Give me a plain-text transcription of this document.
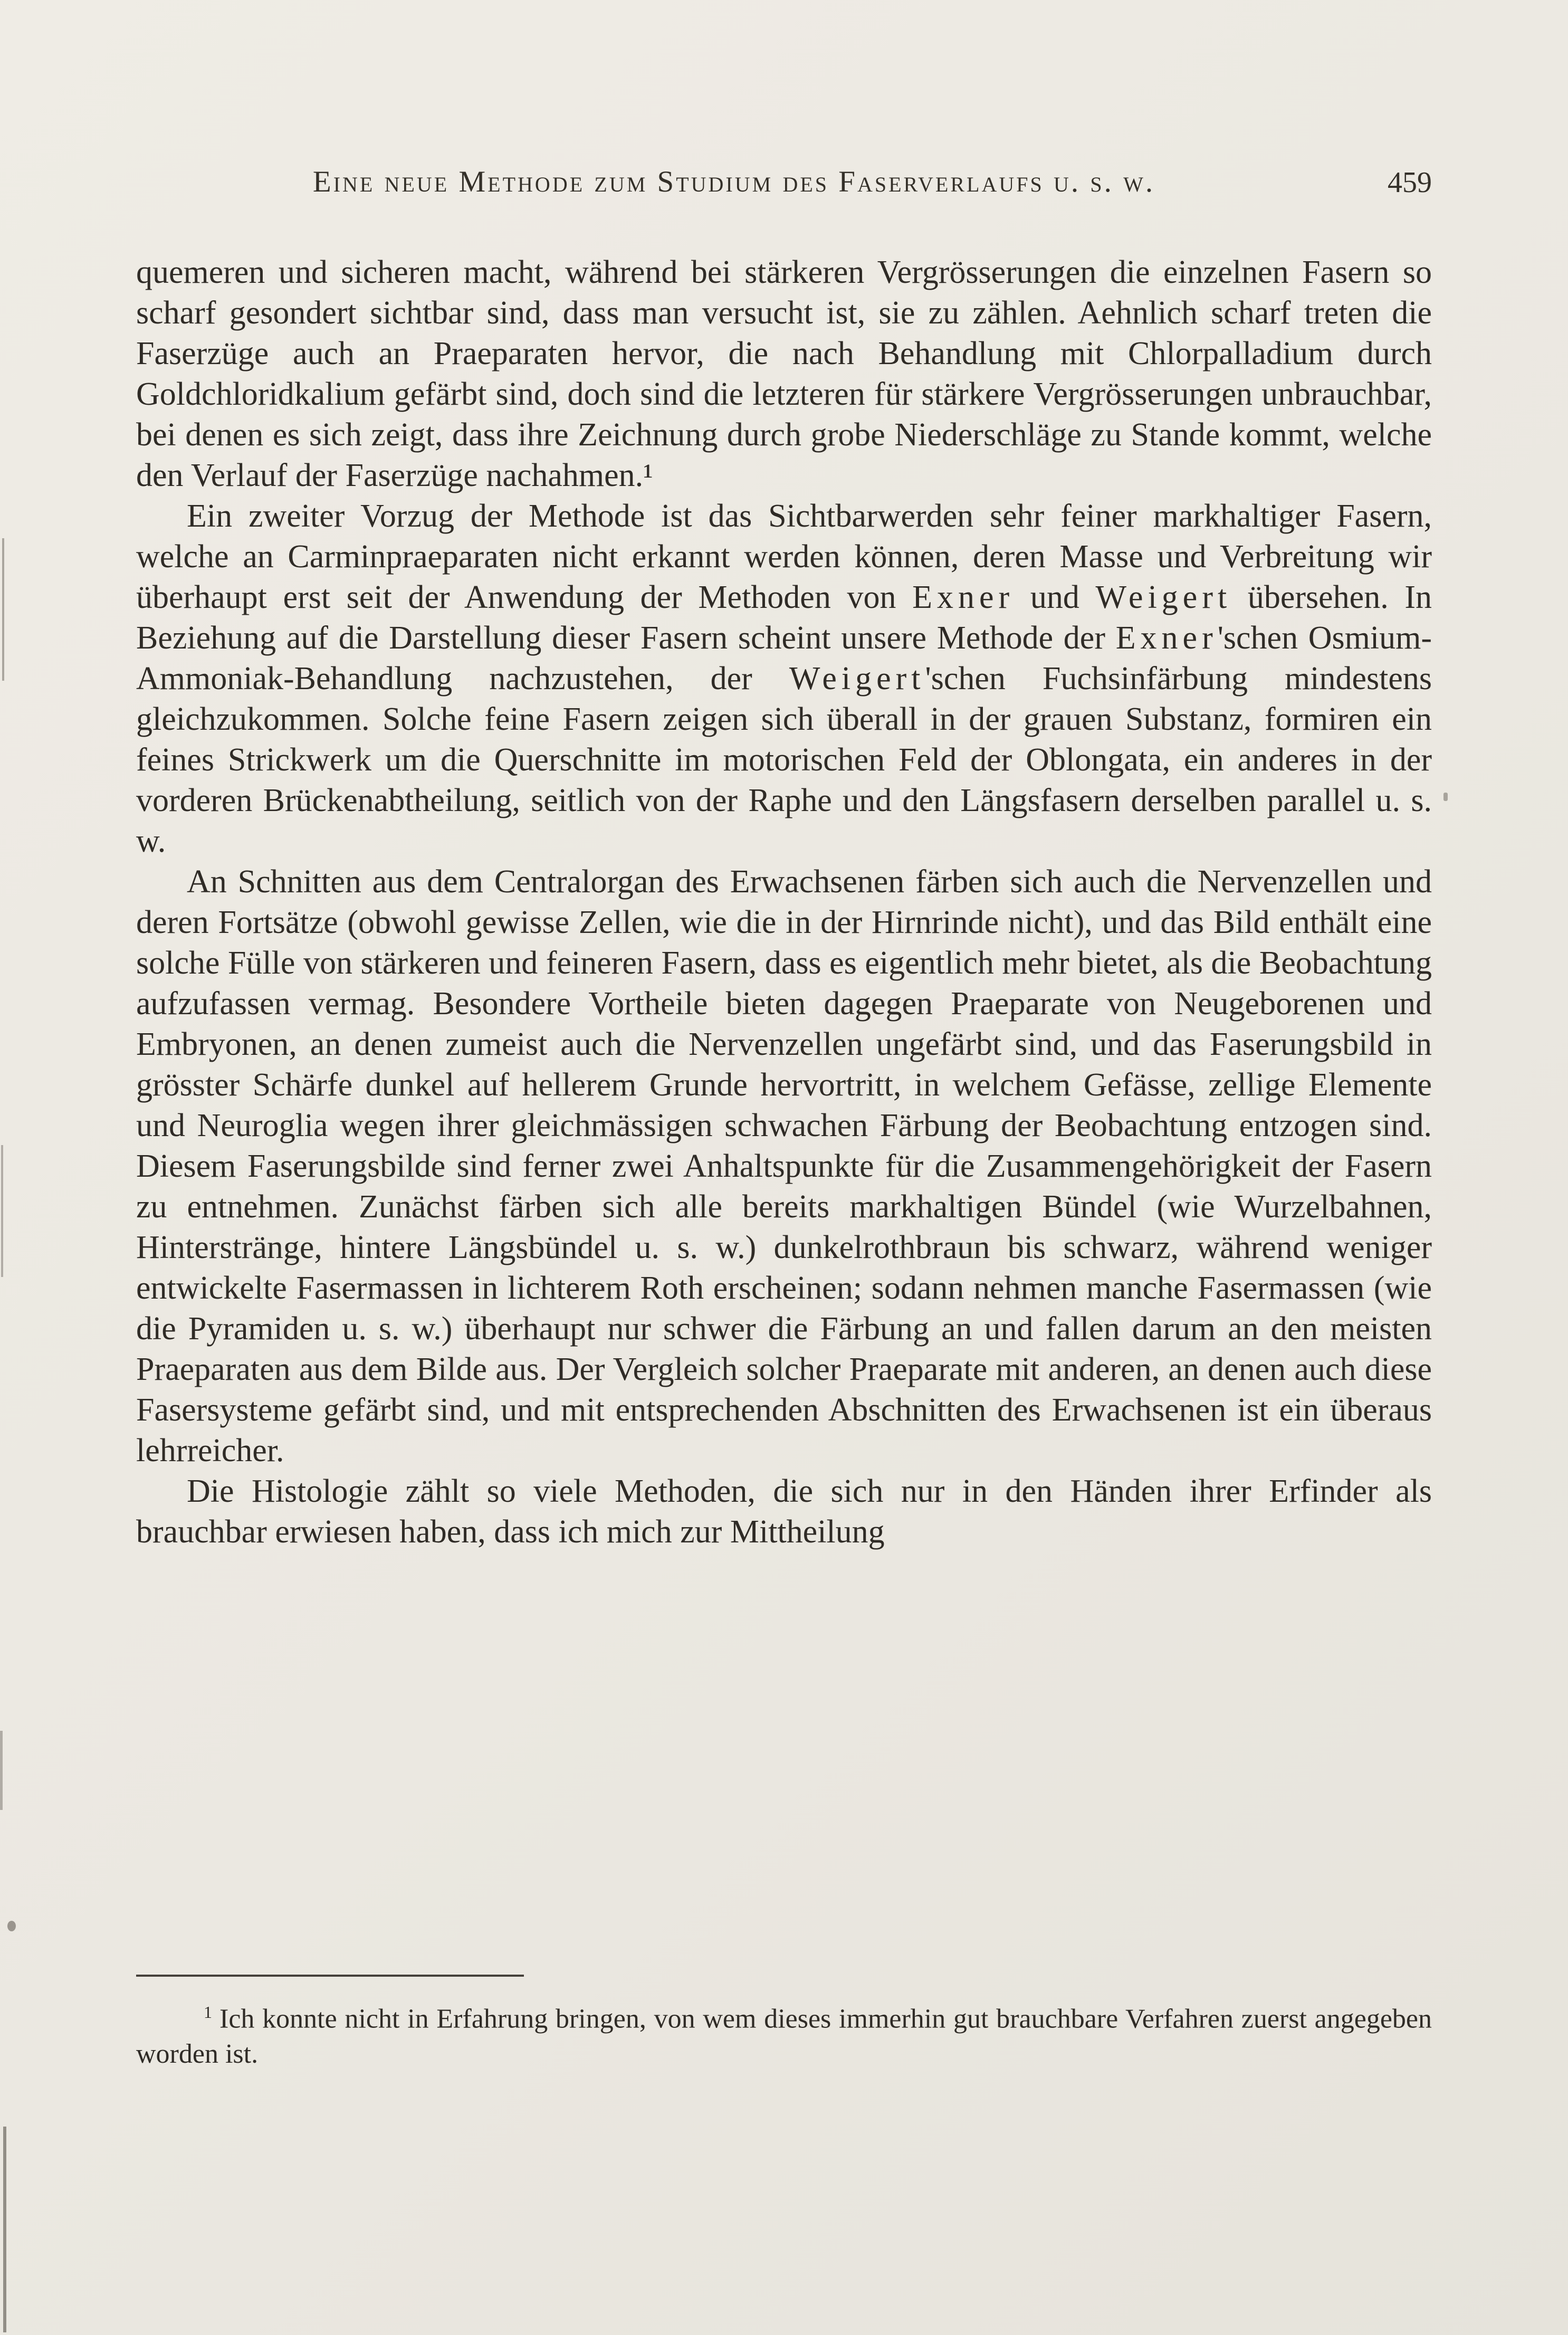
Eine neue Methode zum Studium des Faserverlaufs u. s. w.	459

quemeren und sicheren macht, während bei stärkeren Vergrösserungen die einzelnen Fasern so scharf gesondert sichtbar sind, dass man versucht ist, sie zu zählen. Aehnlich scharf treten die Faserzüge auch an Praeparaten hervor, die nach Behandlung mit Chlorpalladium durch Goldchloridkalium gefärbt sind, doch sind die letzteren für stärkere Vergrösserungen unbrauchbar, bei denen es sich zeigt, dass ihre Zeichnung durch grobe Niederschläge zu Stande kommt, welche den Verlauf der Faserzüge nachahmen.¹

Ein zweiter Vorzug der Methode ist das Sichtbarwerden sehr feiner markhaltiger Fasern, welche an Carminpraeparaten nicht erkannt werden können, deren Masse und Verbreitung wir überhaupt erst seit der Anwendung der Methoden von Exner und Weigert übersehen. In Beziehung auf die Darstellung dieser Fasern scheint unsere Methode der Exner'schen Osmium-Ammoniak-Behandlung nachzustehen, der Weigert'schen Fuchsinfärbung mindestens gleichzukommen. Solche feine Fasern zeigen sich überall in der grauen Substanz, formiren ein feines Strickwerk um die Querschnitte im motorischen Feld der Oblongata, ein anderes in der vorderen Brückenabtheilung, seitlich von der Raphe und den Längsfasern derselben parallel u. s. w.

An Schnitten aus dem Centralorgan des Erwachsenen färben sich auch die Nervenzellen und deren Fortsätze (obwohl gewisse Zellen, wie die in der Hirnrinde nicht), und das Bild enthält eine solche Fülle von stärkeren und feineren Fasern, dass es eigentlich mehr bietet, als die Beobachtung aufzufassen vermag. Besondere Vortheile bieten dagegen Praeparate von Neugeborenen und Embryonen, an denen zumeist auch die Nervenzellen ungefärbt sind, und das Faserungsbild in grösster Schärfe dunkel auf hellerem Grunde hervortritt, in welchem Gefässe, zellige Elemente und Neuroglia wegen ihrer gleichmässigen schwachen Färbung der Beobachtung entzogen sind. Diesem Faserungsbilde sind ferner zwei Anhaltspunkte für die Zusammengehörigkeit der Fasern zu entnehmen. Zunächst färben sich alle bereits markhaltigen Bündel (wie Wurzelbahnen, Hinterstränge, hintere Längsbündel u. s. w.) dunkelrothbraun bis schwarz, während weniger entwickelte Fasermassen in lichterem Roth erscheinen; sodann nehmen manche Fasermassen (wie die Pyramiden u. s. w.) überhaupt nur schwer die Färbung an und fallen darum an den meisten Praeparaten aus dem Bilde aus. Der Vergleich solcher Praeparate mit anderen, an denen auch diese Fasersysteme gefärbt sind, und mit entsprechenden Abschnitten des Erwachsenen ist ein überaus lehrreicher.

Die Histologie zählt so viele Methoden, die sich nur in den Händen ihrer Erfinder als brauchbar erwiesen haben, dass ich mich zur Mittheilung

$^1$ Ich konnte nicht in Erfahrung bringen, von wem dieses immerhin gut brauchbare Verfahren zuerst angegeben worden ist.
